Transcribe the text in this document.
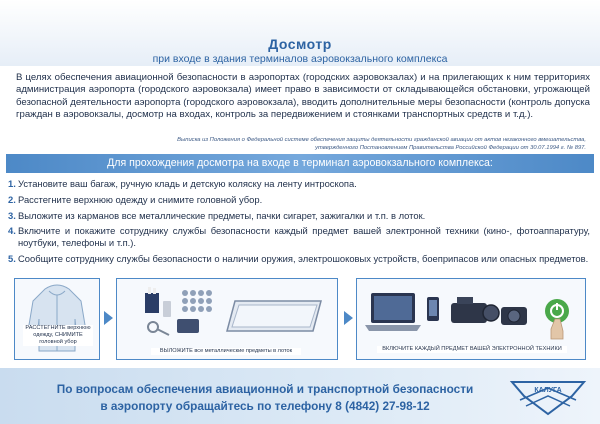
Досмотр
при входе в здания терминалов аэровокзального комплекса
В целях обеспечения авиационной безопасности в аэропортах (городских аэровокзалах) и на прилегающих к ним территориях администрация аэропорта (городского аэровокзала) имеет право в зависимости от складывающейся обстановки, угрожающей безопасной деятельности аэропорта (городского аэровокзала), вводить дополнительные меры безопасности (контроль допуска граждан в аэровокзалы, досмотр на входах, контроль за передвижением и стоянками транспортных средств и т.д.).
Выписка из Положения о Федеральной системе обеспечения защиты деятельности гражданской авиации от актов незаконного вмешательства, утвержденного Постановлением Правительства Российской Федерации от 30.07.1994 г. № 897.
Для прохождения досмотра на входе в терминал аэровокзального комплекса:
1. Установите ваш багаж, ручную кладь и детскую коляску на ленту интроскопа.
2. Расстегните верхнюю одежду и снимите головной убор.
3. Выложите из карманов все металлические предметы, пачки сигарет, зажигалки и т.п. в лоток.
4. Включите и покажите сотруднику службы безопасности каждый предмет вашей электронной техники (кино-, фотоаппаратуру, ноутбуки, телефоны и т.п.).
5. Сообщите сотруднику службы безопасности о наличии оружия, электрошоковых устройств, боеприпасов или опасных предметов.
РАССТЕГНИТЕ верхнюю одежду, СНИМИТЕ головной убор
ВЫЛОЖИТЕ все металлические предметы в лоток	ВКЛЮЧИТЕ КАЖДЫЙ ПРЕДМЕТ ВАШЕЙ ЭЛЕКТРОННОЙ ТЕХНИКИ
По вопросам обеспечения авиационной и транспортной безопасности
в аэропорту обращайтесь по телефону 8 (4842) 27-98-12
КАЛУГА
